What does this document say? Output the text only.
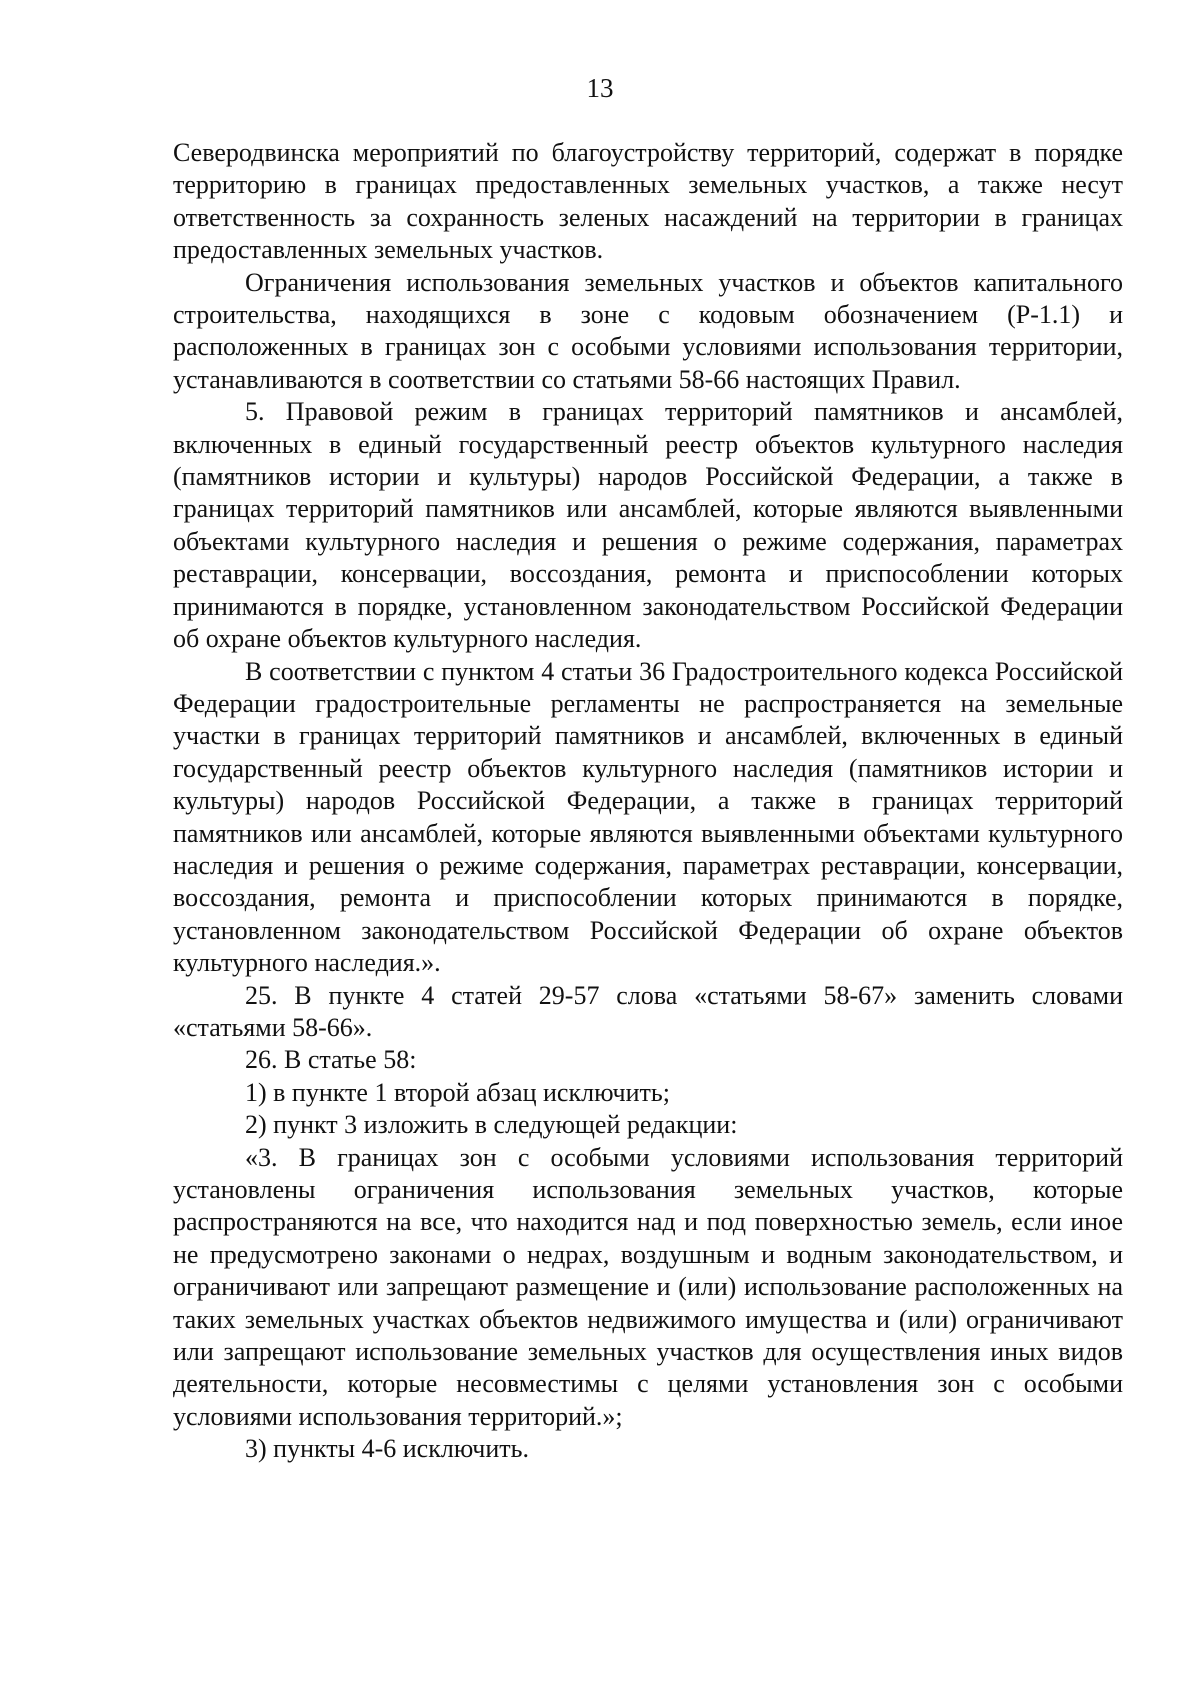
13

Северодвинска мероприятий по благоустройству территорий, содержат в порядке территорию в границах предоставленных земельных участков, а также несут ответственность за сохранность зеленых насаждений на территории в границах предоставленных земельных участков.

Ограничения использования земельных участков и объектов капитального строительства, находящихся в зоне с кодовым обозначением (Р-1.1) и расположенных в границах зон с особыми условиями использования территории, устанавливаются в соответствии со статьями 58-66 настоящих Правил.

5. Правовой режим в границах территорий памятников и ансамблей, включенных в единый государственный реестр объектов культурного наследия (памятников истории и культуры) народов Российской Федерации, а также в границах территорий памятников или ансамблей, которые являются выявленными объектами культурного наследия и решения о режиме содержания, параметрах реставрации, консервации, воссоздания, ремонта и приспособлении которых принимаются в порядке, установленном законодательством Российской Федерации об охране объектов культурного наследия.

В соответствии с пунктом 4 статьи 36 Градостроительного кодекса Российской Федерации градостроительные регламенты не распространяется на земельные участки в границах территорий памятников и ансамблей, включенных в единый государственный реестр объектов культурного наследия (памятников истории и культуры) народов Российской Федерации, а также в границах территорий памятников или ансамблей, которые являются выявленными объектами культурного наследия и решения о режиме содержания, параметрах реставрации, консервации, воссоздания, ремонта и приспособлении которых принимаются в порядке, установленном законодательством Российской Федерации об охране объектов культурного наследия.».

25. В пункте 4 статей 29-57 слова «статьями 58-67» заменить словами «статьями 58-66».

26. В статье 58:

1) в пункте 1 второй абзац исключить;

2) пункт 3 изложить в следующей редакции:

«3. В границах зон с особыми условиями использования территорий установлены ограничения использования земельных участков, которые распространяются на все, что находится над и под поверхностью земель, если иное не предусмотрено законами о недрах, воздушным и водным законодательством, и ограничивают или запрещают размещение и (или) использование расположенных на таких земельных участках объектов недвижимого имущества и (или) ограничивают или запрещают использование земельных участков для осуществления иных видов деятельности, которые несовместимы с целями установления зон с особыми условиями использования территорий.»;

3) пункты 4-6 исключить.
